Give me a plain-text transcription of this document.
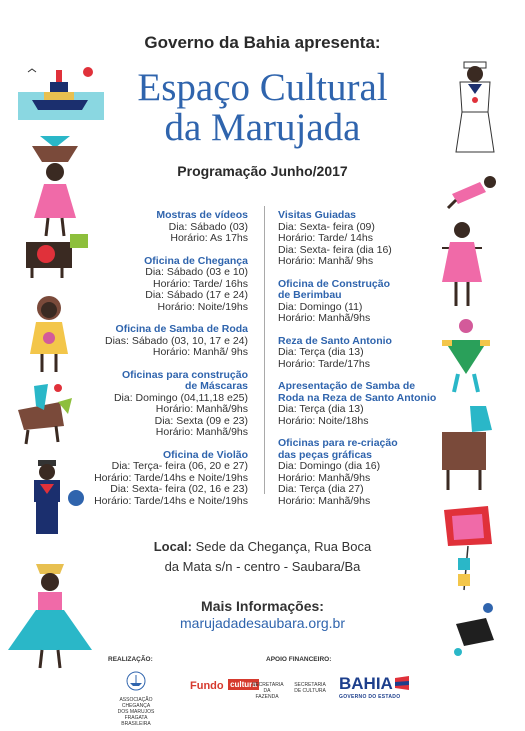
Governo da Bahia apresenta:
Espaço Cultural
da Marujada
Programação Junho/2017
Mostras de vídeos
Dia: Sábado (03)
Horário: As 17hs
Oficina de Chegança
Dia: Sábado (03 e 10)
Horário: Tarde/ 16hs
Dia: Sábado (17 e 24)
Horário: Noite/19hs
Oficina de Samba de Roda
Dias: Sábado (03, 10, 17 e 24)
Horário: Manhã/ 9hs
Oficinas para construção
de Máscaras
Dia: Domingo (04,11,18 e25)
Horário: Manhã/9hs
Dia: Sexta (09 e 23)
Horário: Manhã/9hs
Oficina de Violão
Dia: Terça- feira (06, 20 e 27)
Horário: Tarde/14hs e Noite/19hs
Dia: Sexta- feira (02, 16 e 23)
Horário: Tarde/14hs e Noite/19hs
Visitas Guiadas
Dia: Sexta- feira (09)
Horário: Tarde/ 14hs
Dia: Sexta- feira (dia 16)
Horário: Manhã/ 9hs
Oficina de Construção
de Berimbau
Dia: Domingo (11)
Horário: Manhã/9hs
Reza de Santo Antonio
Dia: Terça (dia 13)
Horário: Tarde/17hs
Apresentação de Samba de
Roda na Reza de Santo Antonio
Dia: Terça (dia 13)
Horário: Noite/18hs
Oficinas para re-criação
das peças gráficas
Dia: Domingo (dia 16)
Horário: Manhã/9hs
Dia: Terça (dia 27)
Horário: Manhã/9hs
Local: Sede da Chegança, Rua Boca
da Mata s/n - centro - Saubara/Ba
Mais Informações:
marujadadesaubara.org.br
REALIZAÇÃO:	APOIO FINANCEIRO:
ASSOCIAÇÃO CHEGANÇA DOS MARUJOS FRAGATA BRASILEIRA
Fundo cultura
SECRETARIA DA FAZENDA
SECRETARIA DE CULTURA BAHIA
GOVERNO DO ESTADO
